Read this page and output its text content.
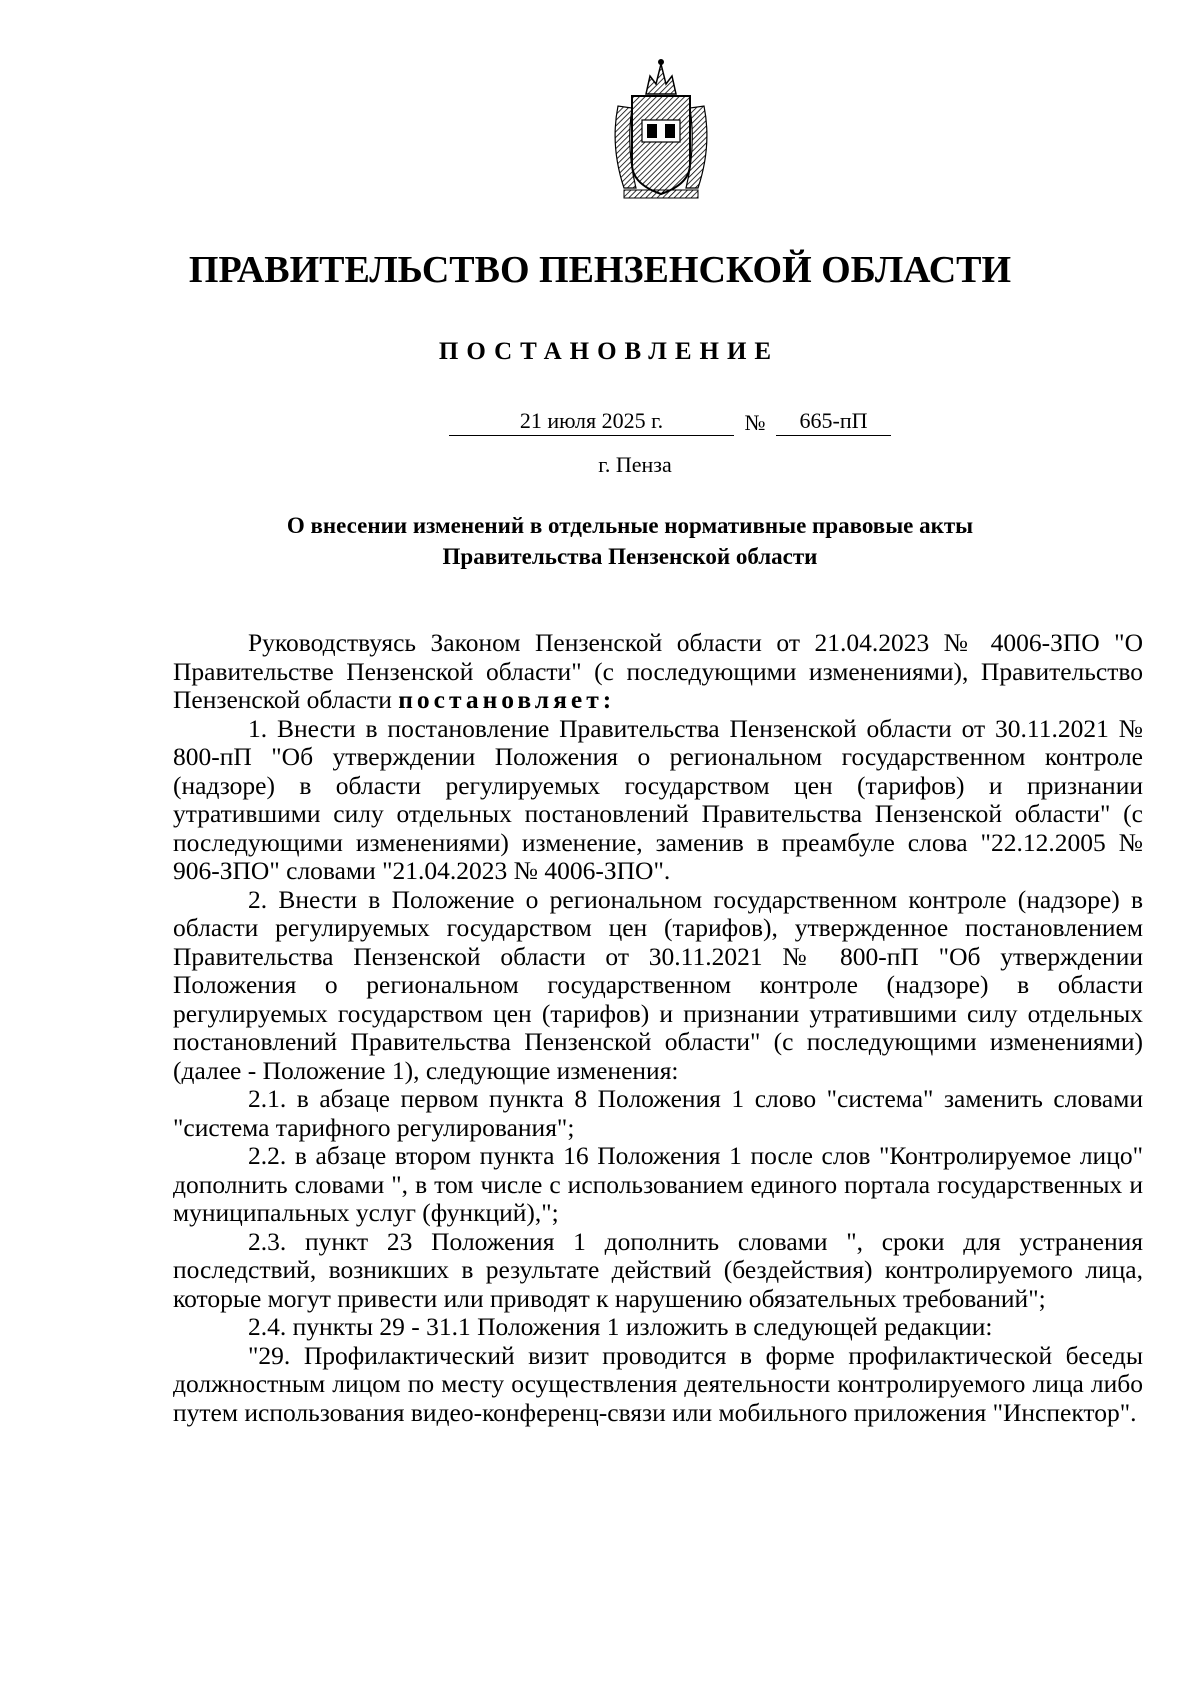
ПРАВИТЕЛЬСТВО ПЕНЗЕНСКОЙ ОБЛАСТИ
ПОСТАНОВЛЕНИЕ
21 июля 2025 г.	№	665-пП
г. Пенза
О внесении изменений в отдельные нормативные правовые акты
Правительства Пензенской области

Руководствуясь Законом Пензенской области от 21.04.2023 № 4006-ЗПО "О Правительстве Пензенской области" (с последующими изменениями), Правительство Пензенской области постановляет:

1. Внести в постановление Правительства Пензенской области от 30.11.2021 № 800-пП "Об утверждении Положения о региональном государственном контроле (надзоре) в области регулируемых государством цен (тарифов) и признании утратившими силу отдельных постановлений Правительства Пензенской области" (с последующими изменениями) изменение, заменив в преамбуле слова "22.12.2005 № 906-ЗПО" словами "21.04.2023 № 4006-ЗПО".

2. Внести в Положение о региональном государственном контроле (надзоре) в области регулируемых государством цен (тарифов), утвержденное постановлением Правительства Пензенской области от 30.11.2021 № 800-пП "Об утверждении Положения о региональном государственном контроле (надзоре) в области регулируемых государством цен (тарифов) и признании утратившими силу отдельных постановлений Правительства Пензенской области" (с последующими изменениями) (далее - Положение 1), следующие изменения:

2.1. в абзаце первом пункта 8 Положения 1 слово "система" заменить словами "система тарифного регулирования";

2.2. в абзаце втором пункта 16 Положения 1 после слов "Контролируемое лицо" дополнить словами ", в том числе с использованием единого портала государственных и муниципальных услуг (функций),";

2.3. пункт 23 Положения 1 дополнить словами ", сроки для устранения последствий, возникших в результате действий (бездействия) контролируемого лица, которые могут привести или приводят к нарушению обязательных требований";

2.4. пункты 29 - 31.1 Положения 1 изложить в следующей редакции:

"29. Профилактический визит проводится в форме профилактической беседы должностным лицом по месту осуществления деятельности контролируемого лица либо путем использования видео-конференц-связи или мобильного приложения "Инспектор".
